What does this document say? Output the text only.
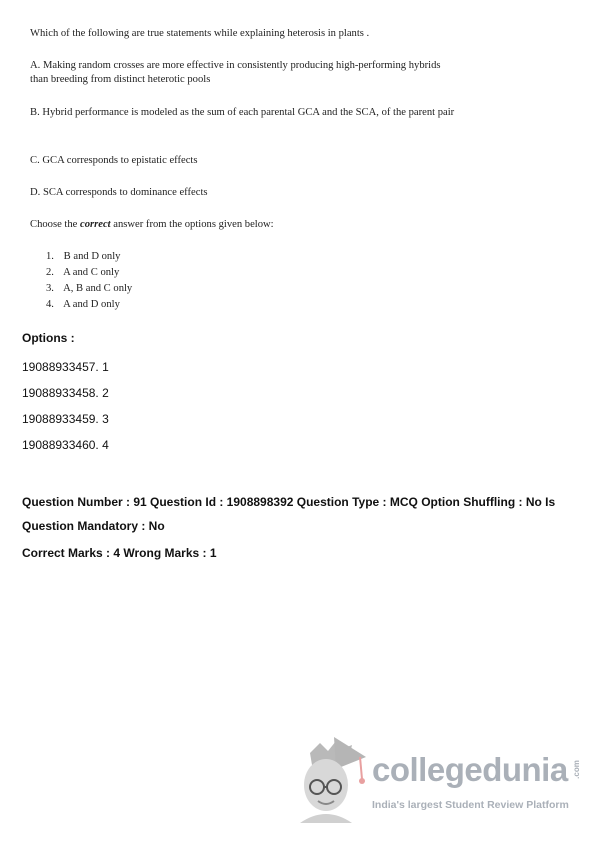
Which of the following are true statements while explaining heterosis in plants .

A. Making random crosses are more effective in consistently producing high-performing hybrids than breeding from distinct heterotic pools

B. Hybrid performance is modeled as the sum of each parental GCA and the SCA, of the parent pair

C. GCA corresponds to epistatic effects

D. SCA corresponds to dominance effects

Choose the correct answer from the options given below:

1. B and D only
2. A and C only
3. A, B and C only
4. A and D only
Options :
19088933457. 1
19088933458. 2
19088933459. 3
19088933460. 4
Question Number : 91 Question Id : 1908898392 Question Type : MCQ Option Shuffling : No Is
Question Mandatory : No
Correct Marks : 4 Wrong Marks : 1
collegedunia .com
India's largest Student Review Platform
